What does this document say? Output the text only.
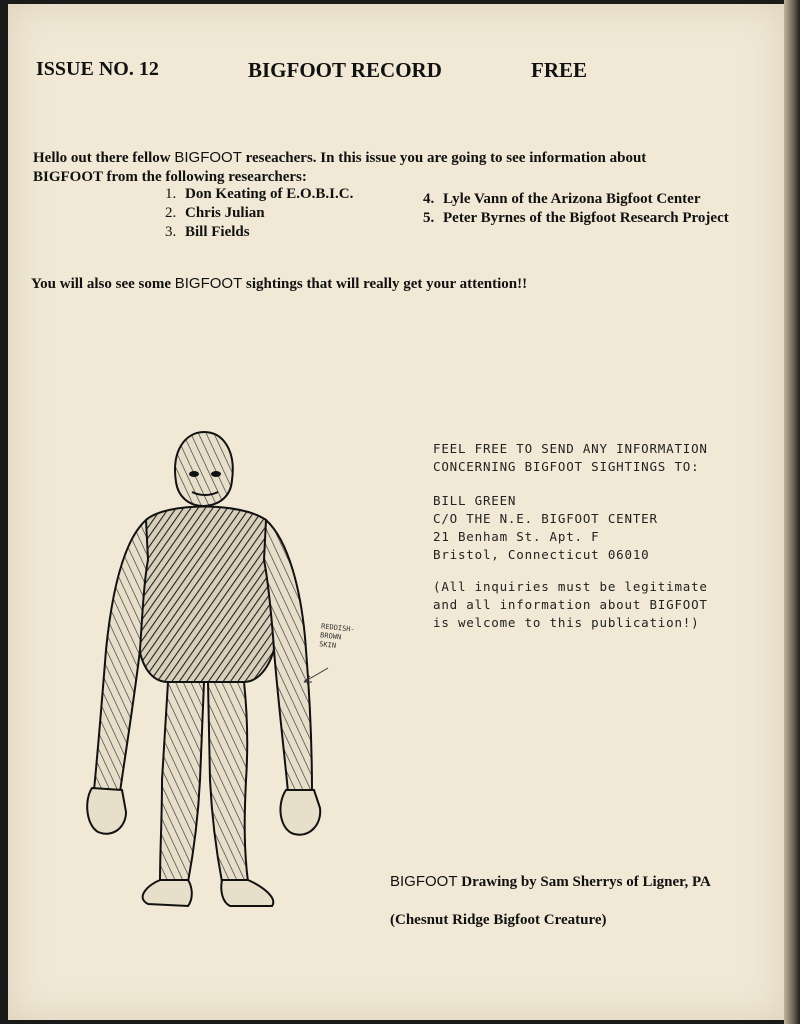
ISSUE NO. 12	BIGFOOT RECORD	FREE
Hello out there fellow BIGFOOT reseachers. In this issue you are going to see information about
BIGFOOT from the following researchers:
1. Don Keating of E.O.B.I.C.
2. Chris Julian
3. Bill Fields
4. Lyle Vann of the Arizona Bigfoot Center
5. Peter Byrnes of the Bigfoot Research Project
You will also see some BIGFOOT sightings that will really get your attention!!
REDDISH-
BROWN
SKIN
FEEL FREE TO SEND ANY INFORMATION
CONCERNING BIGFOOT SIGHTINGS TO:
BILL GREEN
C/O THE N.E. BIGFOOT CENTER
21 Benham St. Apt. F
Bristol, Connecticut 06010
(All inquiries must be legitimate
and all information about BIGFOOT
is welcome to this publication!)
BIGFOOT Drawing by Sam Sherrys of Ligner, PA
(Chesnut Ridge Bigfoot Creature)
